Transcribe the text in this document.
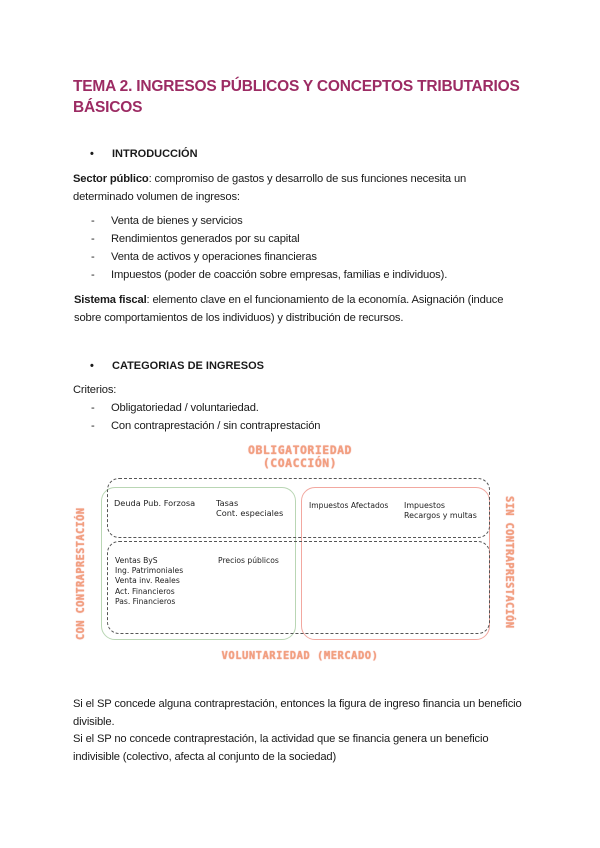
TEMA 2. INGRESOS PÚBLICOS Y CONCEPTOS TRIBUTARIOS
BÁSICOS
• INTRODUCCIÓN
Sector público: compromiso de gastos y desarrollo de sus funciones necesita un
determinado volumen de ingresos:
- Venta de bienes y servicios
- Rendimientos generados por su capital
- Venta de activos y operaciones financieras
- Impuestos (poder de coacción sobre empresas, familias e individuos).
Sistema fiscal: elemento clave en el funcionamiento de la economía. Asignación (induce
sobre comportamientos de los individuos) y distribución de recursos.
• CATEGORIAS DE INGRESOS
Criterios:
- Obligatoriedad / voluntariedad.
- Con contraprestación / sin contraprestación
OBLIGATORIEDAD
(COACCIÓN)
Deuda Pub. Forzosa	Tasas
Cont. especiales
Impuestos Afectados Impuestos
Recargos y multas
Ventas ByS
Ing. Patrimoniales
Venta inv. Reales
Act. Financieros
Pas. Financieros
Precios públicos
CON CONTRAPRESTACIÓN	SIN CONTRAPRESTACIÓN
VOLUNTARIEDAD (MERCADO)
Si el SP concede alguna contraprestación, entonces la figura de ingreso financia un beneficio
divisible.
Si el SP no concede contraprestación, la actividad que se financia genera un beneficio
indivisible (colectivo, afecta al conjunto de la sociedad)
